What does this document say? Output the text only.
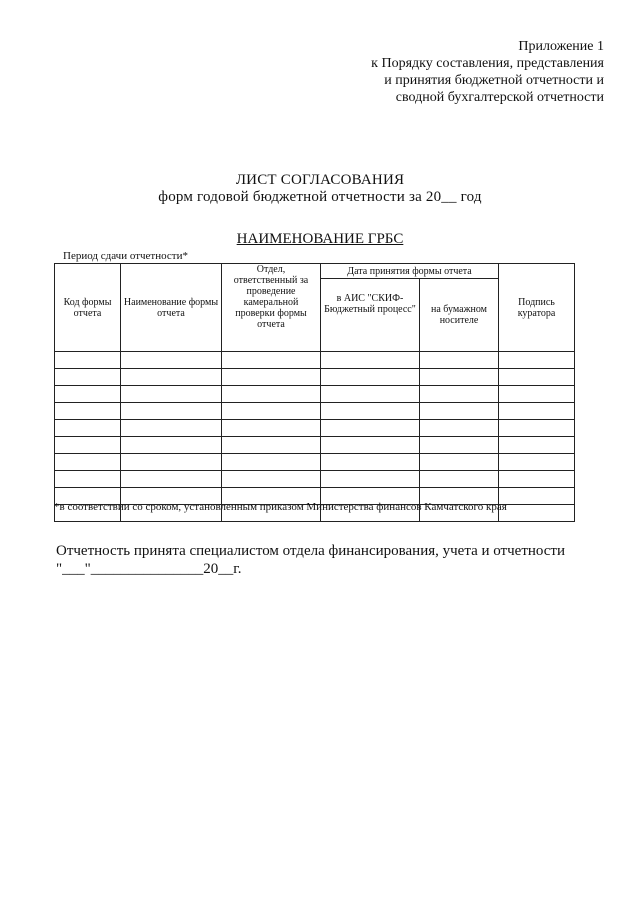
Приложение 1
к Порядку составления, представления
и принятия бюджетной отчетности и
сводной бухгалтерской отчетности
ЛИСТ СОГЛАСОВАНИЯ
форм годовой бюджетной отчетности за 20__ год
НАИМЕНОВАНИЕ ГРБС
Период сдачи отчетности*
Код формы отчета	Наименование формы отчета	Отдел, ответственный за проведение камеральной проверки формы отчета	Дата принятия формы отчета		Подпись куратора
			в АИС "СКИФ-Бюджетный процесс"	на бумажном носителе	

*в соответствии со сроком, установленным приказом Министерства финансов Камчатского края
Отчетность принята специалистом отдела финансирования, учета и отчетности
"___"_______________20__г.
